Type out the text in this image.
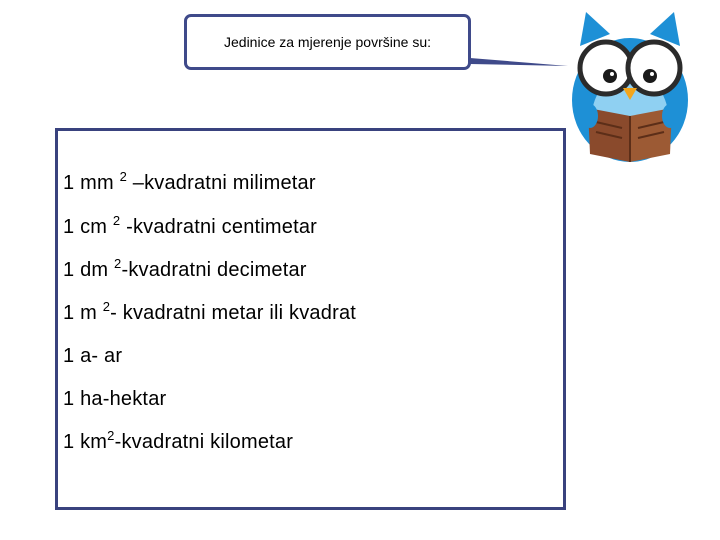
Jedinice za mjerenje površine su:
1 mm $^2$ –kvadratni milimetar
1 cm $^2$ -kvadratni centimetar
1 dm $^2$-kvadratni decimetar
1 m $^2$- kvadratni metar ili kvadrat
1 a- ar
1 ha-hektar
1 $km^2$-kvadratni kilometar
